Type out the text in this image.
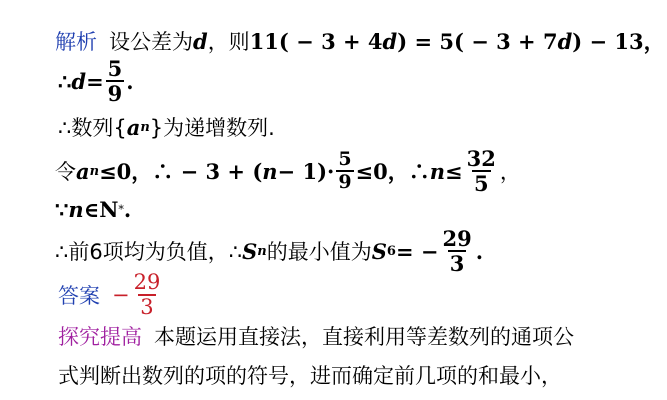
解析 设公差为 d ，则 11( − 3 + 4 d ) = 5( − 3 + 7 d ) − 13，
∴ $d = \frac{5}{9}$ .
∴数列{ a n }为递增数列.
令 a n ≤0，∴ − 3 + ( $n - 1)\cdot \frac{5}{9} \le 0$，∴ $n \le \frac{32}{5}$ ，
∵ n ∈N * .
∴前6项均为负值，∴ S n 的最小值为 S 6 = − $\frac{29}{3}$ .
答案 − $\frac{29}{3}$
探究提高 本题运用直接法，直接利用等差数列的通项公
式判断出数列的项的符号，进而确定前几项的和最小，
